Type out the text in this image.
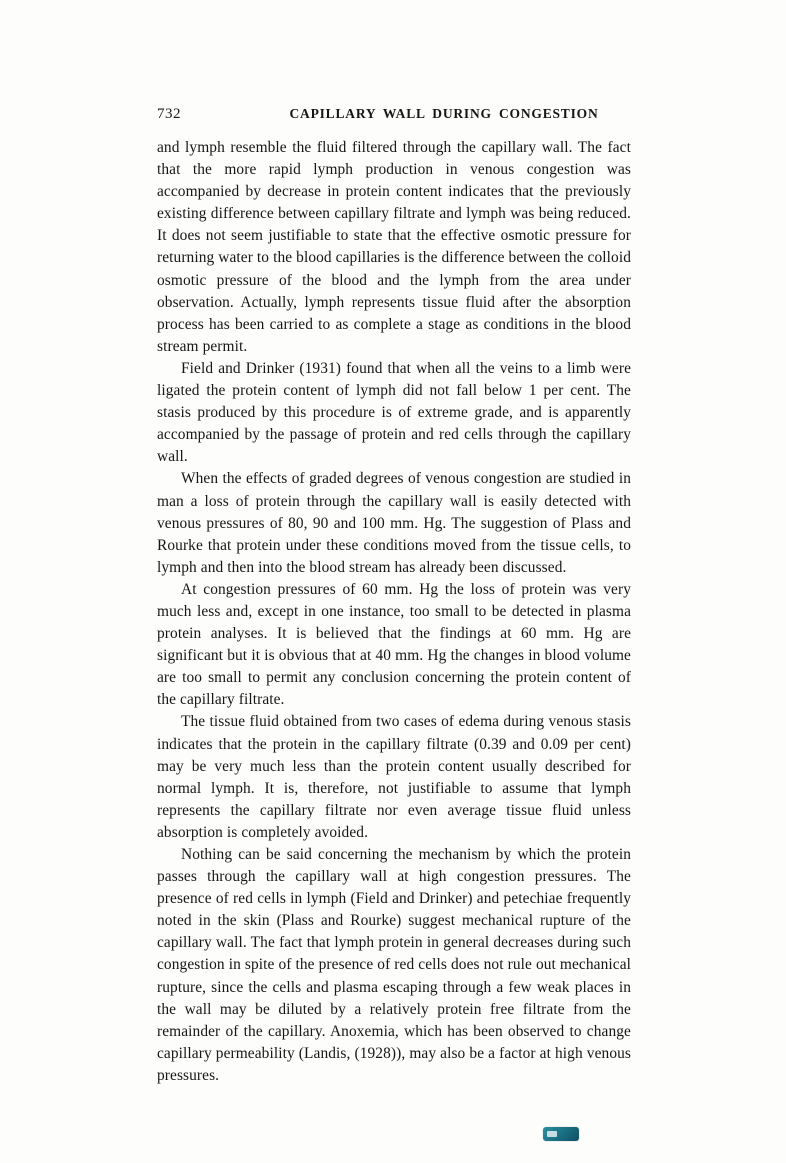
732	CAPILLARY WALL DURING CONGESTION

and lymph resemble the fluid filtered through the capillary wall. The fact that the more rapid lymph production in venous congestion was accompanied by decrease in protein content indicates that the previously existing difference between capillary filtrate and lymph was being reduced. It does not seem justifiable to state that the effective osmotic pressure for returning water to the blood capillaries is the difference between the colloid osmotic pressure of the blood and the lymph from the area under observation. Actually, lymph represents tissue fluid after the absorption process has been carried to as complete a stage as conditions in the blood stream permit.

Field and Drinker (1931) found that when all the veins to a limb were ligated the protein content of lymph did not fall below 1 per cent. The stasis produced by this procedure is of extreme grade, and is apparently accompanied by the passage of protein and red cells through the capillary wall.

When the effects of graded degrees of venous congestion are studied in man a loss of protein through the capillary wall is easily detected with venous pressures of 80, 90 and 100 mm. Hg. The suggestion of Plass and Rourke that protein under these conditions moved from the tissue cells, to lymph and then into the blood stream has already been discussed.

At congestion pressures of 60 mm. Hg the loss of protein was very much less and, except in one instance, too small to be detected in plasma protein analyses. It is believed that the findings at 60 mm. Hg are significant but it is obvious that at 40 mm. Hg the changes in blood volume are too small to permit any conclusion concerning the protein content of the capillary filtrate.

The tissue fluid obtained from two cases of edema during venous stasis indicates that the protein in the capillary filtrate (0.39 and 0.09 per cent) may be very much less than the protein content usually described for normal lymph. It is, therefore, not justifiable to assume that lymph represents the capillary filtrate nor even average tissue fluid unless absorption is completely avoided.

Nothing can be said concerning the mechanism by which the protein passes through the capillary wall at high congestion pressures. The presence of red cells in lymph (Field and Drinker) and petechiae frequently noted in the skin (Plass and Rourke) suggest mechanical rupture of the capillary wall. The fact that lymph protein in general decreases during such congestion in spite of the presence of red cells does not rule out mechanical rupture, since the cells and plasma escaping through a few weak places in the wall may be diluted by a relatively protein free filtrate from the remainder of the capillary. Anoxemia, which has been observed to change capillary permeability (Landis, (1928)), may also be a factor at high venous pressures.
